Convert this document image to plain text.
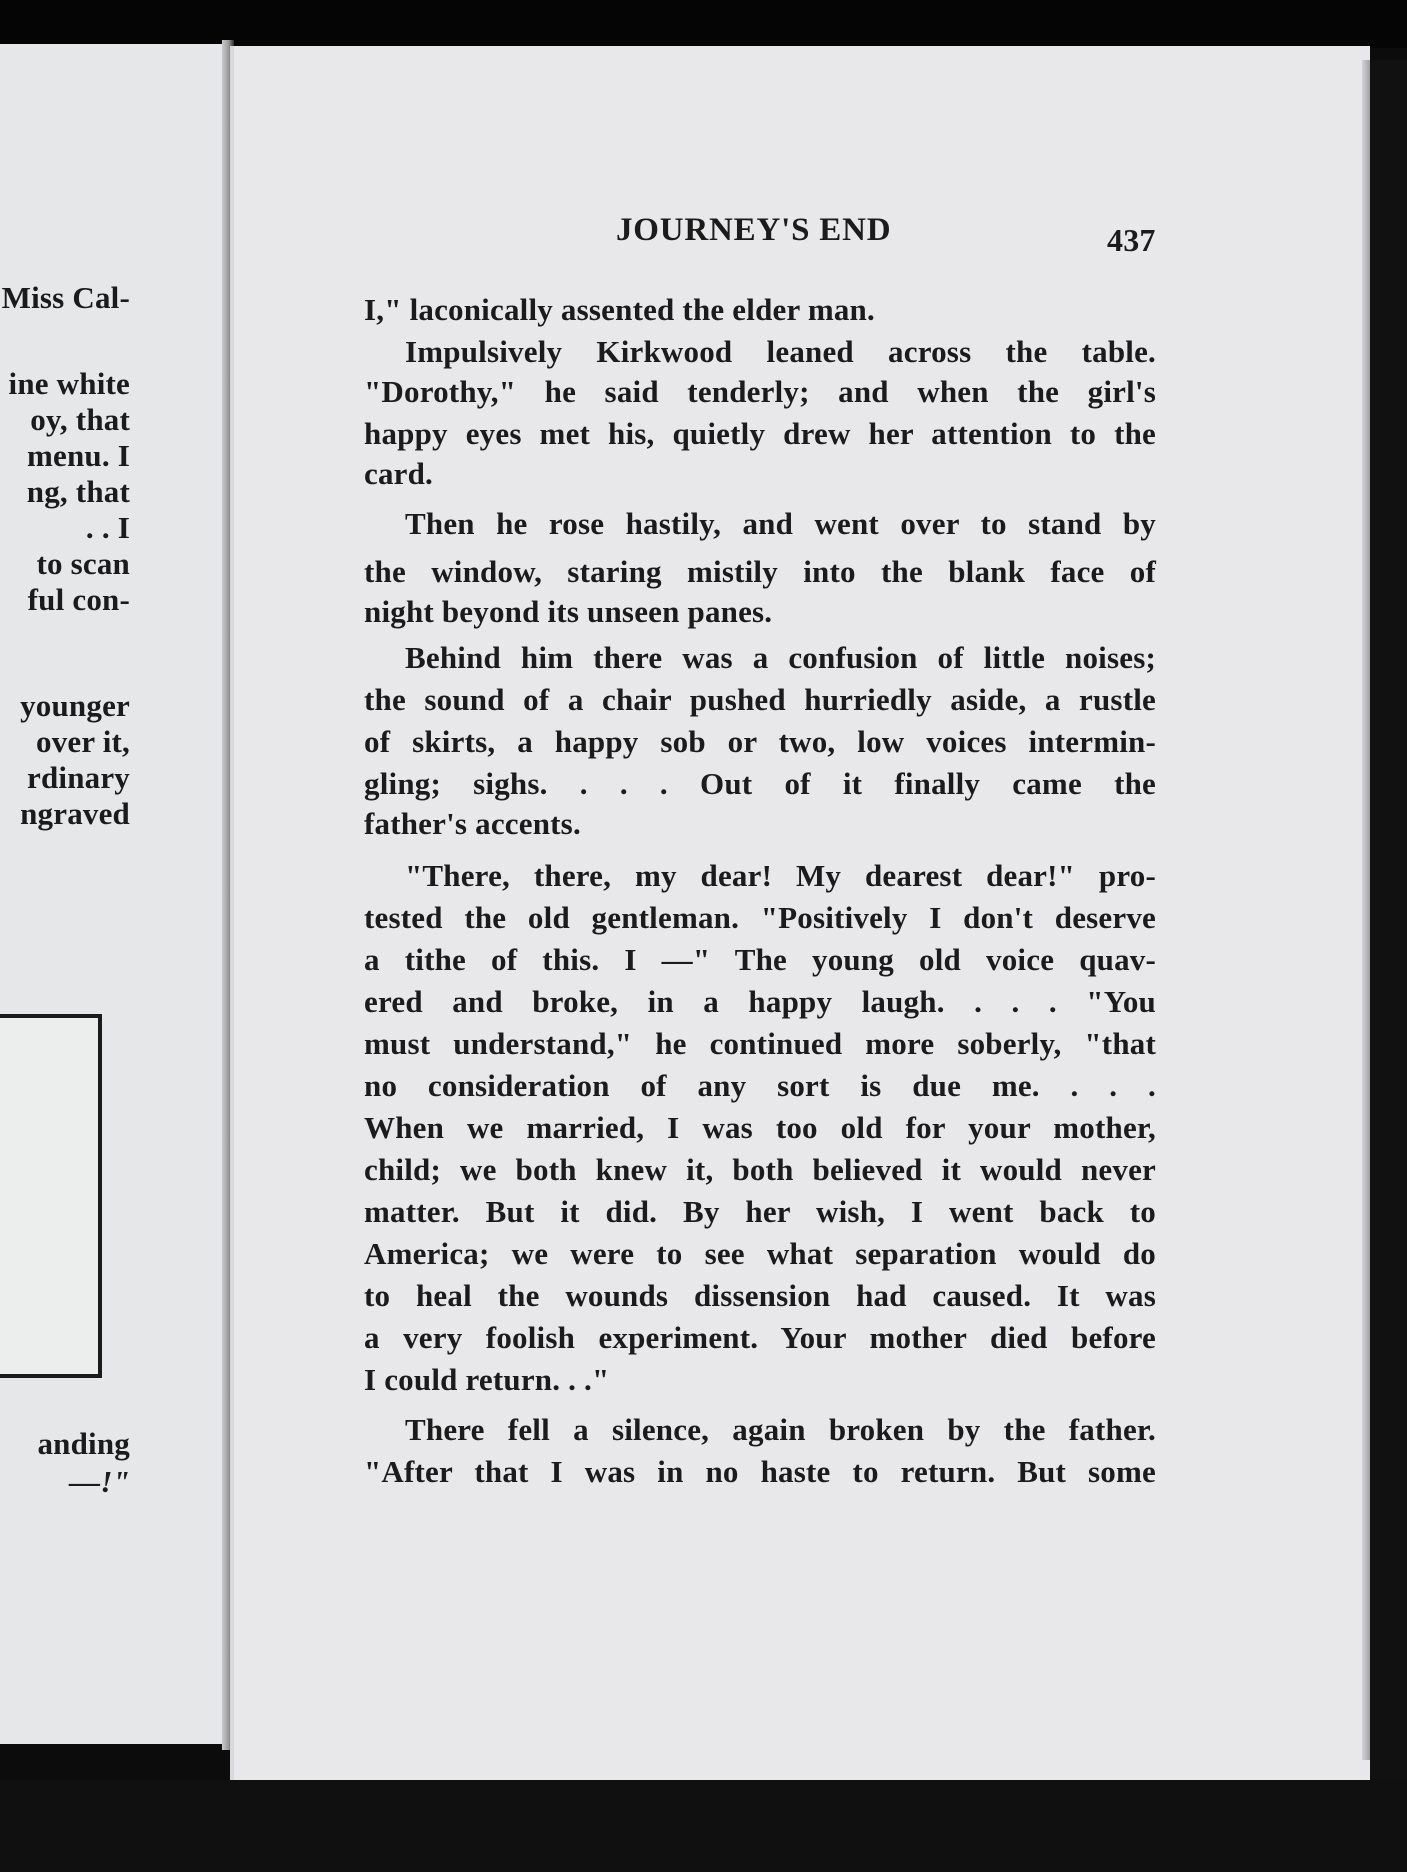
Miss Cal-
ine white
oy, that
menu. I
ng, that
. . I
to scan
ful con-
younger
over it,
rdinary
ngraved
anding
—!"
JOURNEY'S END	437
I," laconically assented the elder man.
Impulsively Kirkwood leaned across the table.
"Dorothy," he said tenderly; and when the girl's
happy eyes met his, quietly drew her attention to the
card.
Then he rose hastily, and went over to stand by
the window, staring mistily into the blank face of
night beyond its unseen panes.
Behind him there was a confusion of little noises;
the sound of a chair pushed hurriedly aside, a rustle
of skirts, a happy sob or two, low voices intermin-
gling; sighs. . . . Out of it finally came the
father's accents.
"There, there, my dear! My dearest dear!" pro-
tested the old gentleman. "Positively I don't deserve
a tithe of this. I —" The young old voice quav-
ered and broke, in a happy laugh. . . . "You
must understand," he continued more soberly, "that
no consideration of any sort is due me. . . .
When we married, I was too old for your mother,
child; we both knew it, both believed it would never
matter. But it did. By her wish, I went back to
America; we were to see what separation would do
to heal the wounds dissension had caused. It was
a very foolish experiment. Your mother died before
I could return. . ."
There fell a silence, again broken by the father.
"After that I was in no haste to return. But some
